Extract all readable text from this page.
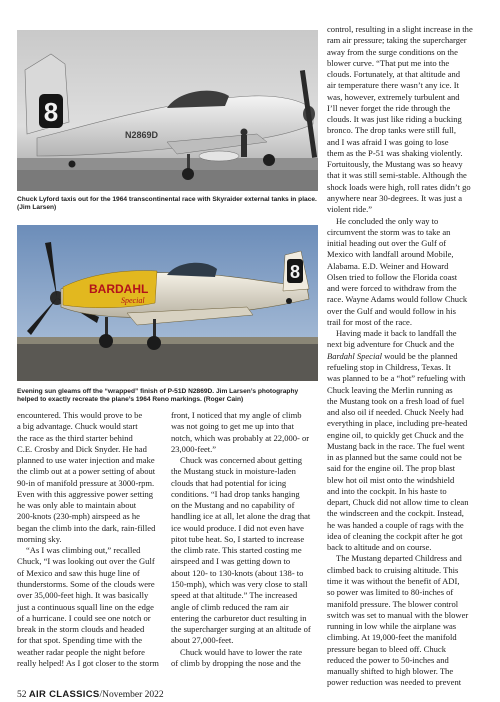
8
N2869D
Chuck Lyford taxis out for the 1964 transcontinental race with Skyraider external tanks in place. (Jim Larsen)
BARDAHL
Special
8
Evening sun gleams off the “wrapped” finish of P-51D N2869D. Jim Larsen’s photography helped to exactly recreate the plane’s 1964 Reno markings. (Roger Cain)

control, resulting in a slight increase in the
ram air pressure; taking the supercharger
away from the surge conditions on the
blower curve. “That put me into the
clouds. Fortunately, at that altitude and
air temperature there wasn’t any ice. It
was, however, extremely turbulent and
I’ll never forget the ride through the
clouds. It was just like riding a bucking
bronco. The drop tanks were still full,
and I was afraid I was going to lose
them as the P-51 was shaking violently.
Fortuitously, the Mustang was so heavy
that it was still semi-stable. Although the
shock loads were high, roll rates didn’t go
anywhere near 30-degrees. It was just a
violent ride.”

He concluded the only way to
circumvent the storm was to take an
initial heading out over the Gulf of
Mexico with landfall around Mobile,
Alabama. E.D. Weiner and Howard
Olsen tried to follow the Florida coast
and were forced to withdraw from the
race. Wayne Adams would follow Chuck
over the Gulf and would follow in his
trail for most of the race.

Having made it back to landfall the
next big adventure for Chuck and the
Bardahl Special would be the planned
refueling stop in Childress, Texas. It
was planned to be a “hot” refueling with
Chuck leaving the Merlin running as
the Mustang took on a fresh load of fuel
and also oil if needed. Chuck Neely had
everything in place, including pre-heated
engine oil, to quickly get Chuck and the
Mustang back in the race. The fuel went
in as planned but the same could not be
said for the engine oil. The prop blast
blew hot oil mist onto the windshield
and into the cockpit. In his haste to
depart, Chuck did not allow time to clean
the windscreen and the cockpit. Instead,
he was handed a couple of rags with the
idea of cleaning the cockpit after he got
back to altitude and on course.

The Mustang departed Childress and
climbed back to cruising altitude. This
time it was without the benefit of ADI,
so power was limited to 80-inches of
manifold pressure. The blower control
switch was set to manual with the blower
running in low while the airplane was
climbing. At 19,000-feet the manifold
pressure began to bleed off. Chuck
reduced the power to 50-inches and
manually shifted to high blower. The
power reduction was needed to prevent

encountered. This would prove to be
a big advantage. Chuck would start
the race as the third starter behind
C.E. Crosby and Dick Snyder. He had
planned to use water injection and make
the climb out at a power setting of about
90-in of manifold pressure at 3000-rpm.
Even with this aggressive power setting
he was only able to maintain about
200-knots (230-mph) airspeed as he
began the climb into the dark, rain-filled
morning sky.

“As I was climbing out,” recalled
Chuck, “I was looking out over the Gulf
of Mexico and saw this huge line of
thunderstorms. Some of the clouds were
over 35,000-feet high. It was basically
just a continuous squall line on the edge
of a hurricane. I could see one notch or
break in the storm clouds and headed
for that spot. Spending time with the
weather radar people the night before
really helped! As I got closer to the storm

front, I noticed that my angle of climb
was not going to get me up into that
notch, which was probably at 22,000- or
23,000-feet.”

Chuck was concerned about getting
the Mustang stuck in moisture-laden
clouds that had potential for icing
conditions. “I had drop tanks hanging
on the Mustang and no capability of
handling ice at all, let alone the drag that
ice would produce. I did not even have
pitot tube heat. So, I started to increase
the climb rate. This started costing me
airspeed and I was getting down to
about 120- to 130-knots (about 138- to
150-mph), which was very close to stall
speed at that altitude.” The increased
angle of climb reduced the ram air
entering the carburetor duct resulting in
the supercharger surging at an altitude of
about 27,000-feet.

Chuck would have to lower the rate
of climb by dropping the nose and the

52 AIR CLASSICS/November 2022
